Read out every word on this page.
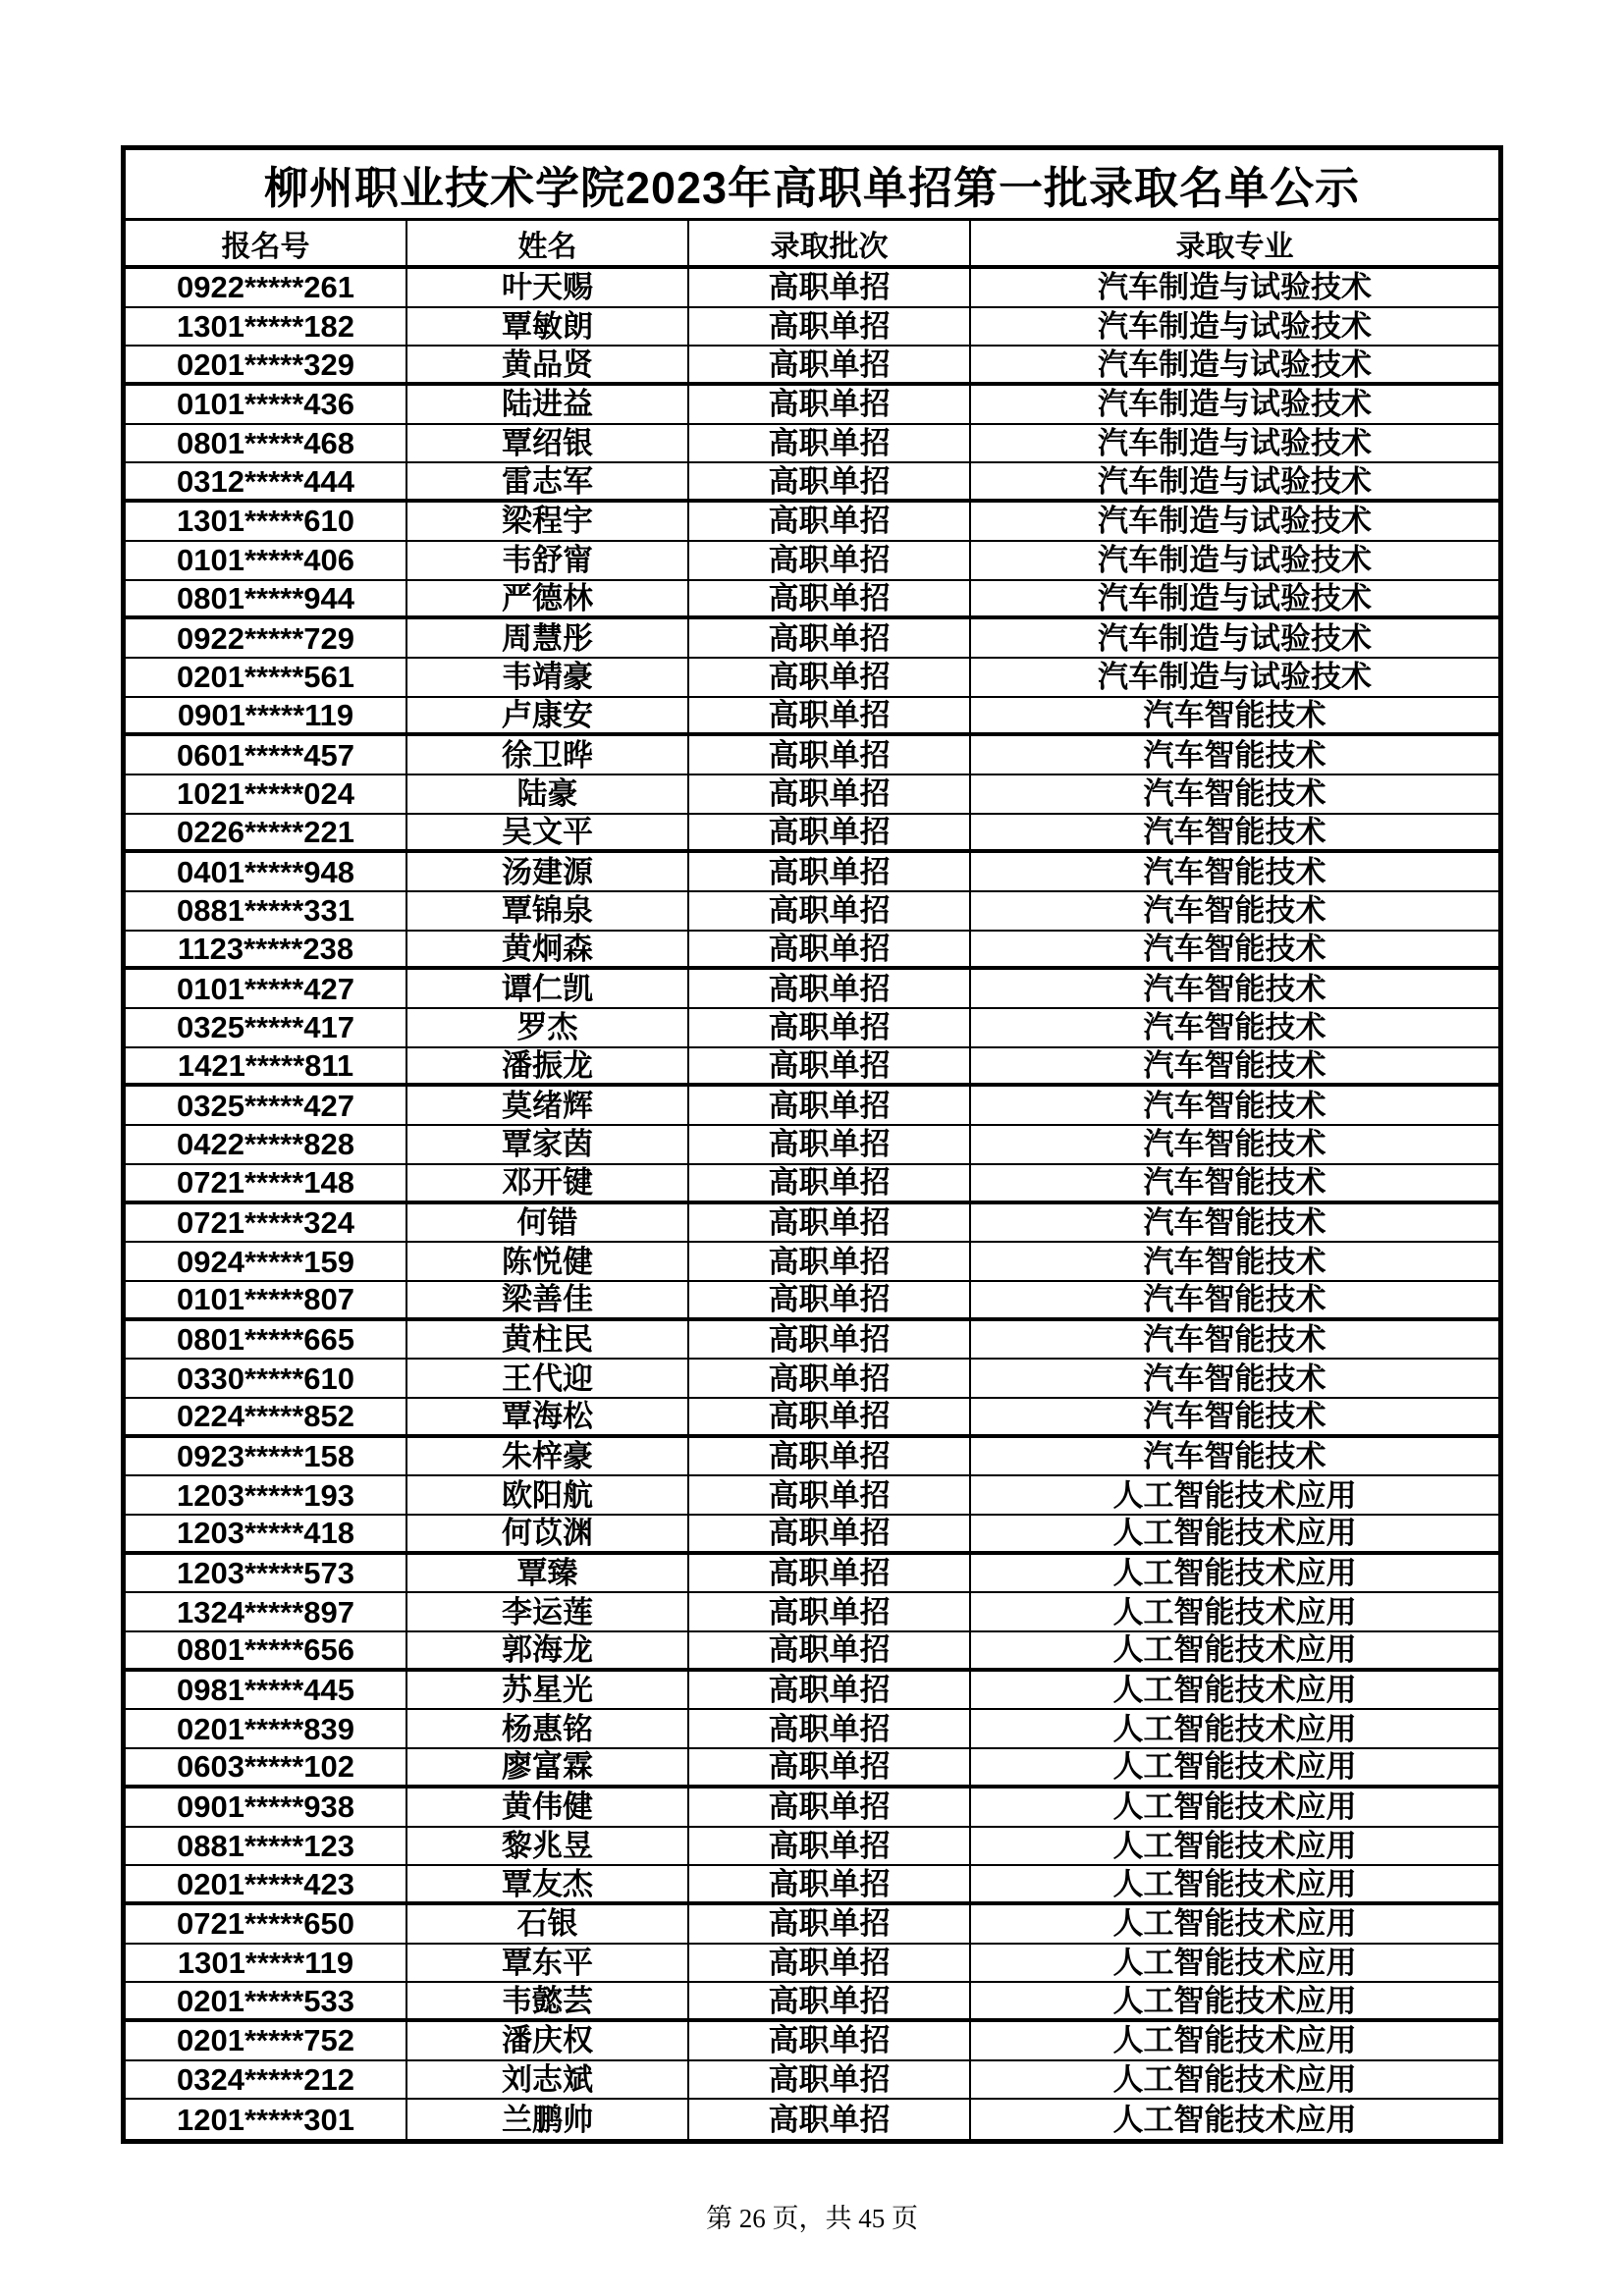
柳州职业技术学院2023年高职单招第一批录取名单公示
报名号	姓名	录取批次	录取专业
0922*****261	叶天赐	高职单招	汽车制造与试验技术
1301*****182	覃敏朗	高职单招	汽车制造与试验技术
0201*****329	黄品贤	高职单招	汽车制造与试验技术
0101*****436	陆进益	高职单招	汽车制造与试验技术
0801*****468	覃绍银	高职单招	汽车制造与试验技术
0312*****444	雷志军	高职单招	汽车制造与试验技术
1301*****610	梁程宇	高职单招	汽车制造与试验技术
0101*****406	韦舒甯	高职单招	汽车制造与试验技术
0801*****944	严德林	高职单招	汽车制造与试验技术
0922*****729	周慧彤	高职单招	汽车制造与试验技术
0201*****561	韦靖豪	高职单招	汽车制造与试验技术
0901*****119	卢康安	高职单招	汽车智能技术
0601*****457	徐卫晔	高职单招	汽车智能技术
1021*****024	陆豪	高职单招	汽车智能技术
0226*****221	吴文平	高职单招	汽车智能技术
0401*****948	汤建源	高职单招	汽车智能技术
0881*****331	覃锦泉	高职单招	汽车智能技术
1123*****238	黄炯森	高职单招	汽车智能技术
0101*****427	谭仁凯	高职单招	汽车智能技术
0325*****417	罗杰	高职单招	汽车智能技术
1421*****811	潘振龙	高职单招	汽车智能技术
0325*****427	莫绪辉	高职单招	汽车智能技术
0422*****828	覃家茵	高职单招	汽车智能技术
0721*****148	邓开键	高职单招	汽车智能技术
0721*****324	何错	高职单招	汽车智能技术
0924*****159	陈悦健	高职单招	汽车智能技术
0101*****807	梁善佳	高职单招	汽车智能技术
0801*****665	黄柱民	高职单招	汽车智能技术
0330*****610	王代迎	高职单招	汽车智能技术
0224*****852	覃海松	高职单招	汽车智能技术
0923*****158	朱梓豪	高职单招	汽车智能技术
1203*****193	欧阳航	高职单招	人工智能技术应用
1203*****418	何苡渊	高职单招	人工智能技术应用
1203*****573	覃臻	高职单招	人工智能技术应用
1324*****897	李运莲	高职单招	人工智能技术应用
0801*****656	郭海龙	高职单招	人工智能技术应用
0981*****445	苏星光	高职单招	人工智能技术应用
0201*****839	杨惠铭	高职单招	人工智能技术应用
0603*****102	廖富霖	高职单招	人工智能技术应用
0901*****938	黄伟健	高职单招	人工智能技术应用
0881*****123	黎兆昱	高职单招	人工智能技术应用
0201*****423	覃友杰	高职单招	人工智能技术应用
0721*****650	石银	高职单招	人工智能技术应用
1301*****119	覃东平	高职单招	人工智能技术应用
0201*****533	韦懿芸	高职单招	人工智能技术应用
0201*****752	潘庆权	高职单招	人工智能技术应用
0324*****212	刘志斌	高职单招	人工智能技术应用
1201*****301	兰鹏帅	高职单招	人工智能技术应用
第 26 页，共 45 页
